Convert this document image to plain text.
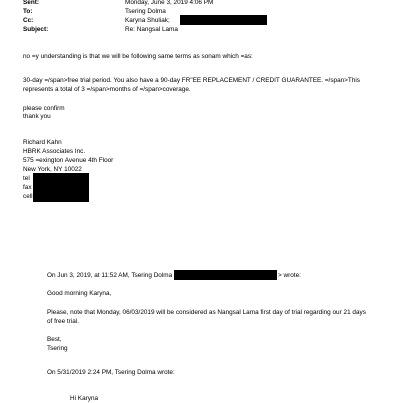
Sent:	Monday, June 3, 2019 4:06 PM
To:	Tsering Dolma
Cc:	Karyna Shuliak;
Subject:	Re: Nangsal Lama
no =y understanding is that we will be following same terms as sonam which =as:
30-day =/span>free trial period. You also have a 90-day FR"EE REPLACEMENT / CREDIT GUARANTEE. =/span>This
represents a total of 3 =/span>months of =/span>coverage.
please confirm
thank you
Richard Kahn
HBRK Associates Inc.
575 =exington Avenue 4th Floor
New York, NY 10022
tel
fax
cell
On Jun 3, 2019, at 11:52 AM, Tsering Dolma	> wrote:
Good morning Karyna,
Please, note that Monday, 06/03/2019 will be considered as Nangsal Lama first day of trial regarding our 21 days
of free trial.
Best,
Tsering
On 5/31/2019 2:24 PM, Tsering Dolma wrote:
Hi Karyna
